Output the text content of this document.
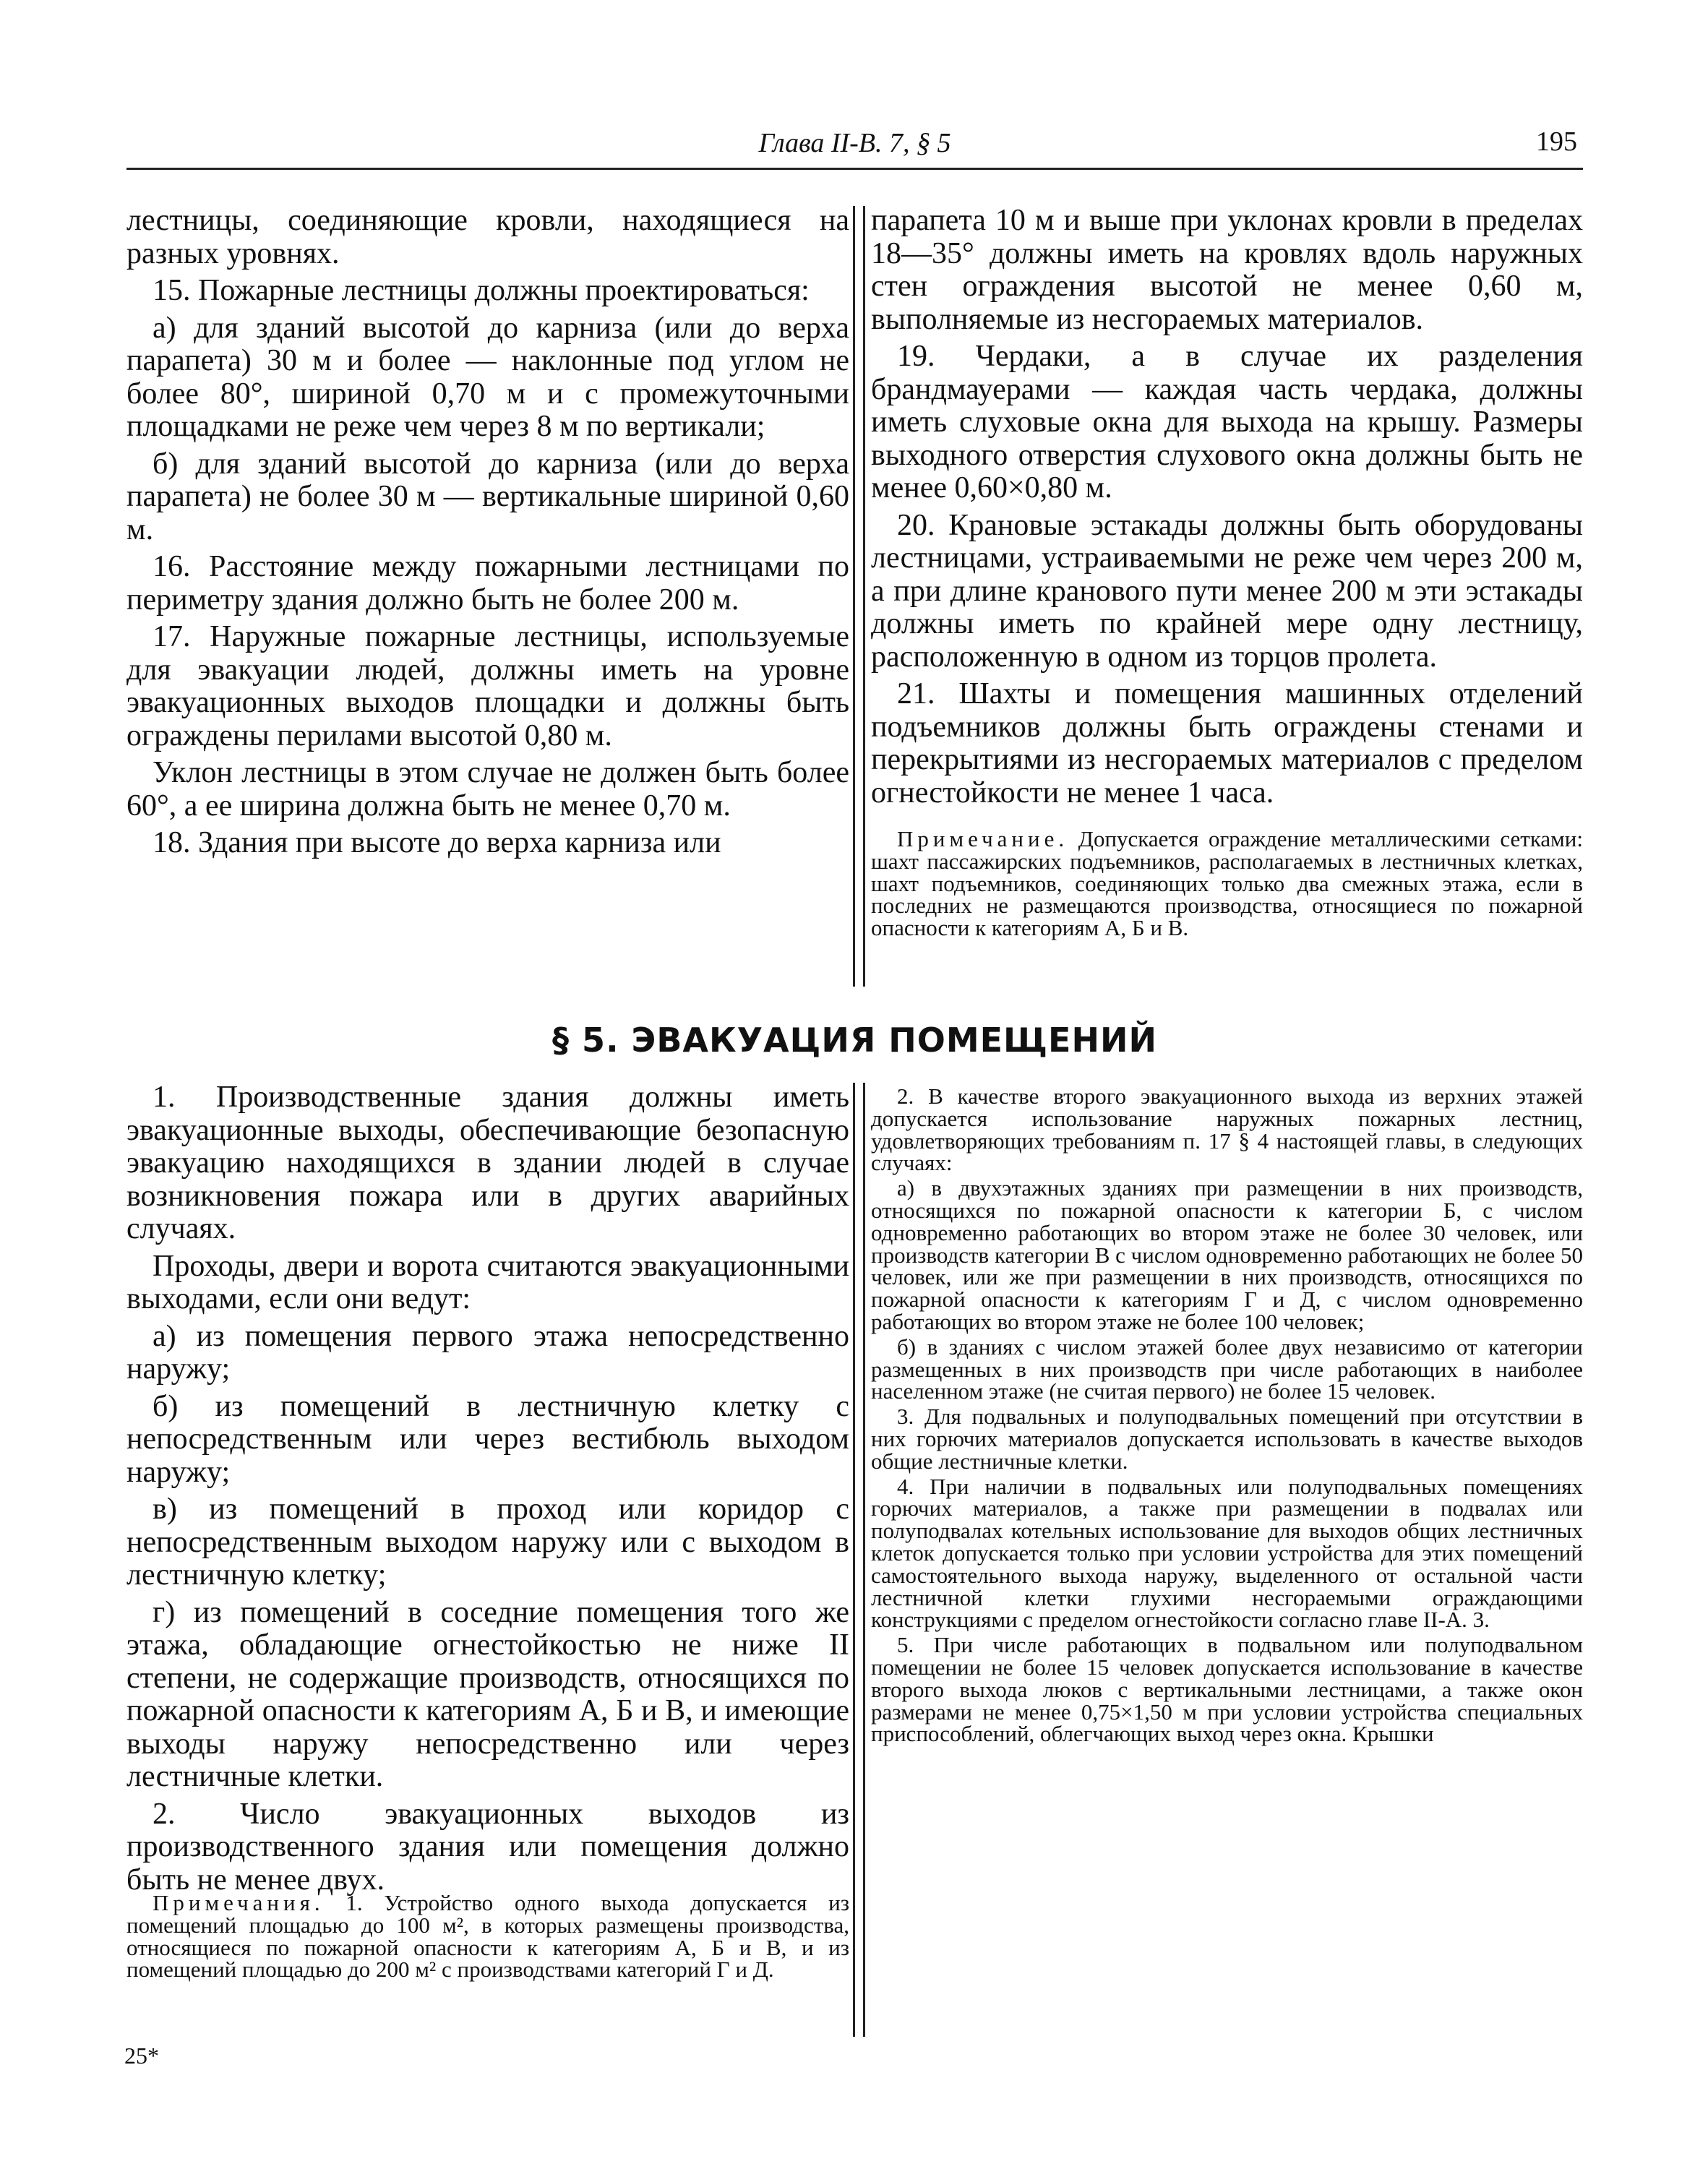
Глава II-В. 7, § 5	195

лестницы, соединяющие кровли, находящиеся на разных уровнях.

15. Пожарные лестницы должны проектироваться:

а) для зданий высотой до карниза (или до верха парапета) 30 м и более — наклонные под углом не более 80°, шириной 0,70 м и с промежуточными площадками не реже чем через 8 м по вертикали;

б) для зданий высотой до карниза (или до верха парапета) не более 30 м — вертикальные шириной 0,60 м.

16. Расстояние между пожарными лестницами по периметру здания должно быть не более 200 м.

17. Наружные пожарные лестницы, используемые для эвакуации людей, должны иметь на уровне эвакуационных выходов площадки и должны быть ограждены перилами высотой 0,80 м.

Уклон лестницы в этом случае не должен быть более 60°, а ее ширина должна быть не менее 0,70 м.

18. Здания при высоте до верха карниза или

парапета 10 м и выше при уклонах кровли в пределах 18—35° должны иметь на кровлях вдоль наружных стен ограждения высотой не менее 0,60 м, выполняемые из несгораемых материалов.

19. Чердаки, а в случае их разделения брандмауерами — каждая часть чердака, должны иметь слуховые окна для выхода на крышу. Размеры выходного отверстия слухового окна должны быть не менее 0,60×0,80 м.

20. Крановые эстакады должны быть оборудованы лестницами, устраиваемыми не реже чем через 200 м, а при длине кранового пути менее 200 м эти эстакады должны иметь по крайней мере одну лестницу, расположенную в одном из торцов пролета.

21. Шахты и помещения машинных отделений подъемников должны быть ограждены стенами и перекрытиями из несгораемых материалов с пределом огнестойкости не менее 1 часа.

Примечание. Допускается ограждение металлическими сетками: шахт пассажирских подъемников, располагаемых в лестничных клетках, шахт подъемников, соединяющих только два смежных этажа, если в последних не размещаются производства, относящиеся по пожарной опасности к категориям А, Б и В.

§ 5. ЭВАКУАЦИЯ ПОМЕЩЕНИЙ

1. Производственные здания должны иметь эвакуационные выходы, обеспечивающие безопасную эвакуацию находящихся в здании людей в случае возникновения пожара или в других аварийных случаях.

Проходы, двери и ворота считаются эвакуационными выходами, если они ведут:

а) из помещения первого этажа непосредственно наружу;

б) из помещений в лестничную клетку с непосредственным или через вестибюль выходом наружу;

в) из помещений в проход или коридор с непосредственным выходом наружу или с выходом в лестничную клетку;

г) из помещений в соседние помещения того же этажа, обладающие огнестойкостью не ниже II степени, не содержащие производств, относящихся по пожарной опасности к категориям А, Б и В, и имеющие выходы наружу непосредственно или через лестничные клетки.

2. Число эвакуационных выходов из производственного здания или помещения должно быть не менее двух.

Примечания. 1. Устройство одного выхода допускается из помещений площадью до 100 м², в которых размещены производства, относящиеся по пожарной опасности к категориям А, Б и В, и из помещений площадью до 200 м² с производствами категорий Г и Д.

2. В качестве второго эвакуационного выхода из верхних этажей допускается использование наружных пожарных лестниц, удовлетворяющих требованиям п. 17 § 4 настоящей главы, в следующих случаях:

а) в двухэтажных зданиях при размещении в них производств, относящихся по пожарной опасности к категории Б, с числом одновременно работающих во втором этаже не более 30 человек, или производств категории В с числом одновременно работающих не более 50 человек, или же при размещении в них производств, относящихся по пожарной опасности к категориям Г и Д, с числом одновременно работающих во втором этаже не более 100 человек;

б) в зданиях с числом этажей более двух независимо от категории размещенных в них производств при числе работающих в наиболее населенном этаже (не считая первого) не более 15 человек.

3. Для подвальных и полуподвальных помещений при отсутствии в них горючих материалов допускается использовать в качестве выходов общие лестничные клетки.

4. При наличии в подвальных или полуподвальных помещениях горючих материалов, а также при размещении в подвалах или полуподвалах котельных использование для выходов общих лестничных клеток допускается только при условии устройства для этих помещений самостоятельного выхода наружу, выделенного от остальной части лестничной клетки глухими несгораемыми ограждающими конструкциями с пределом огнестойкости согласно главе II-А. 3.

5. При числе работающих в подвальном или полуподвальном помещении не более 15 человек допускается использование в качестве второго выхода люков с вертикальными лестницами, а также окон размерами не менее 0,75×1,50 м при условии устройства специальных приспособлений, облегчающих выход через окна. Крышки

25*
